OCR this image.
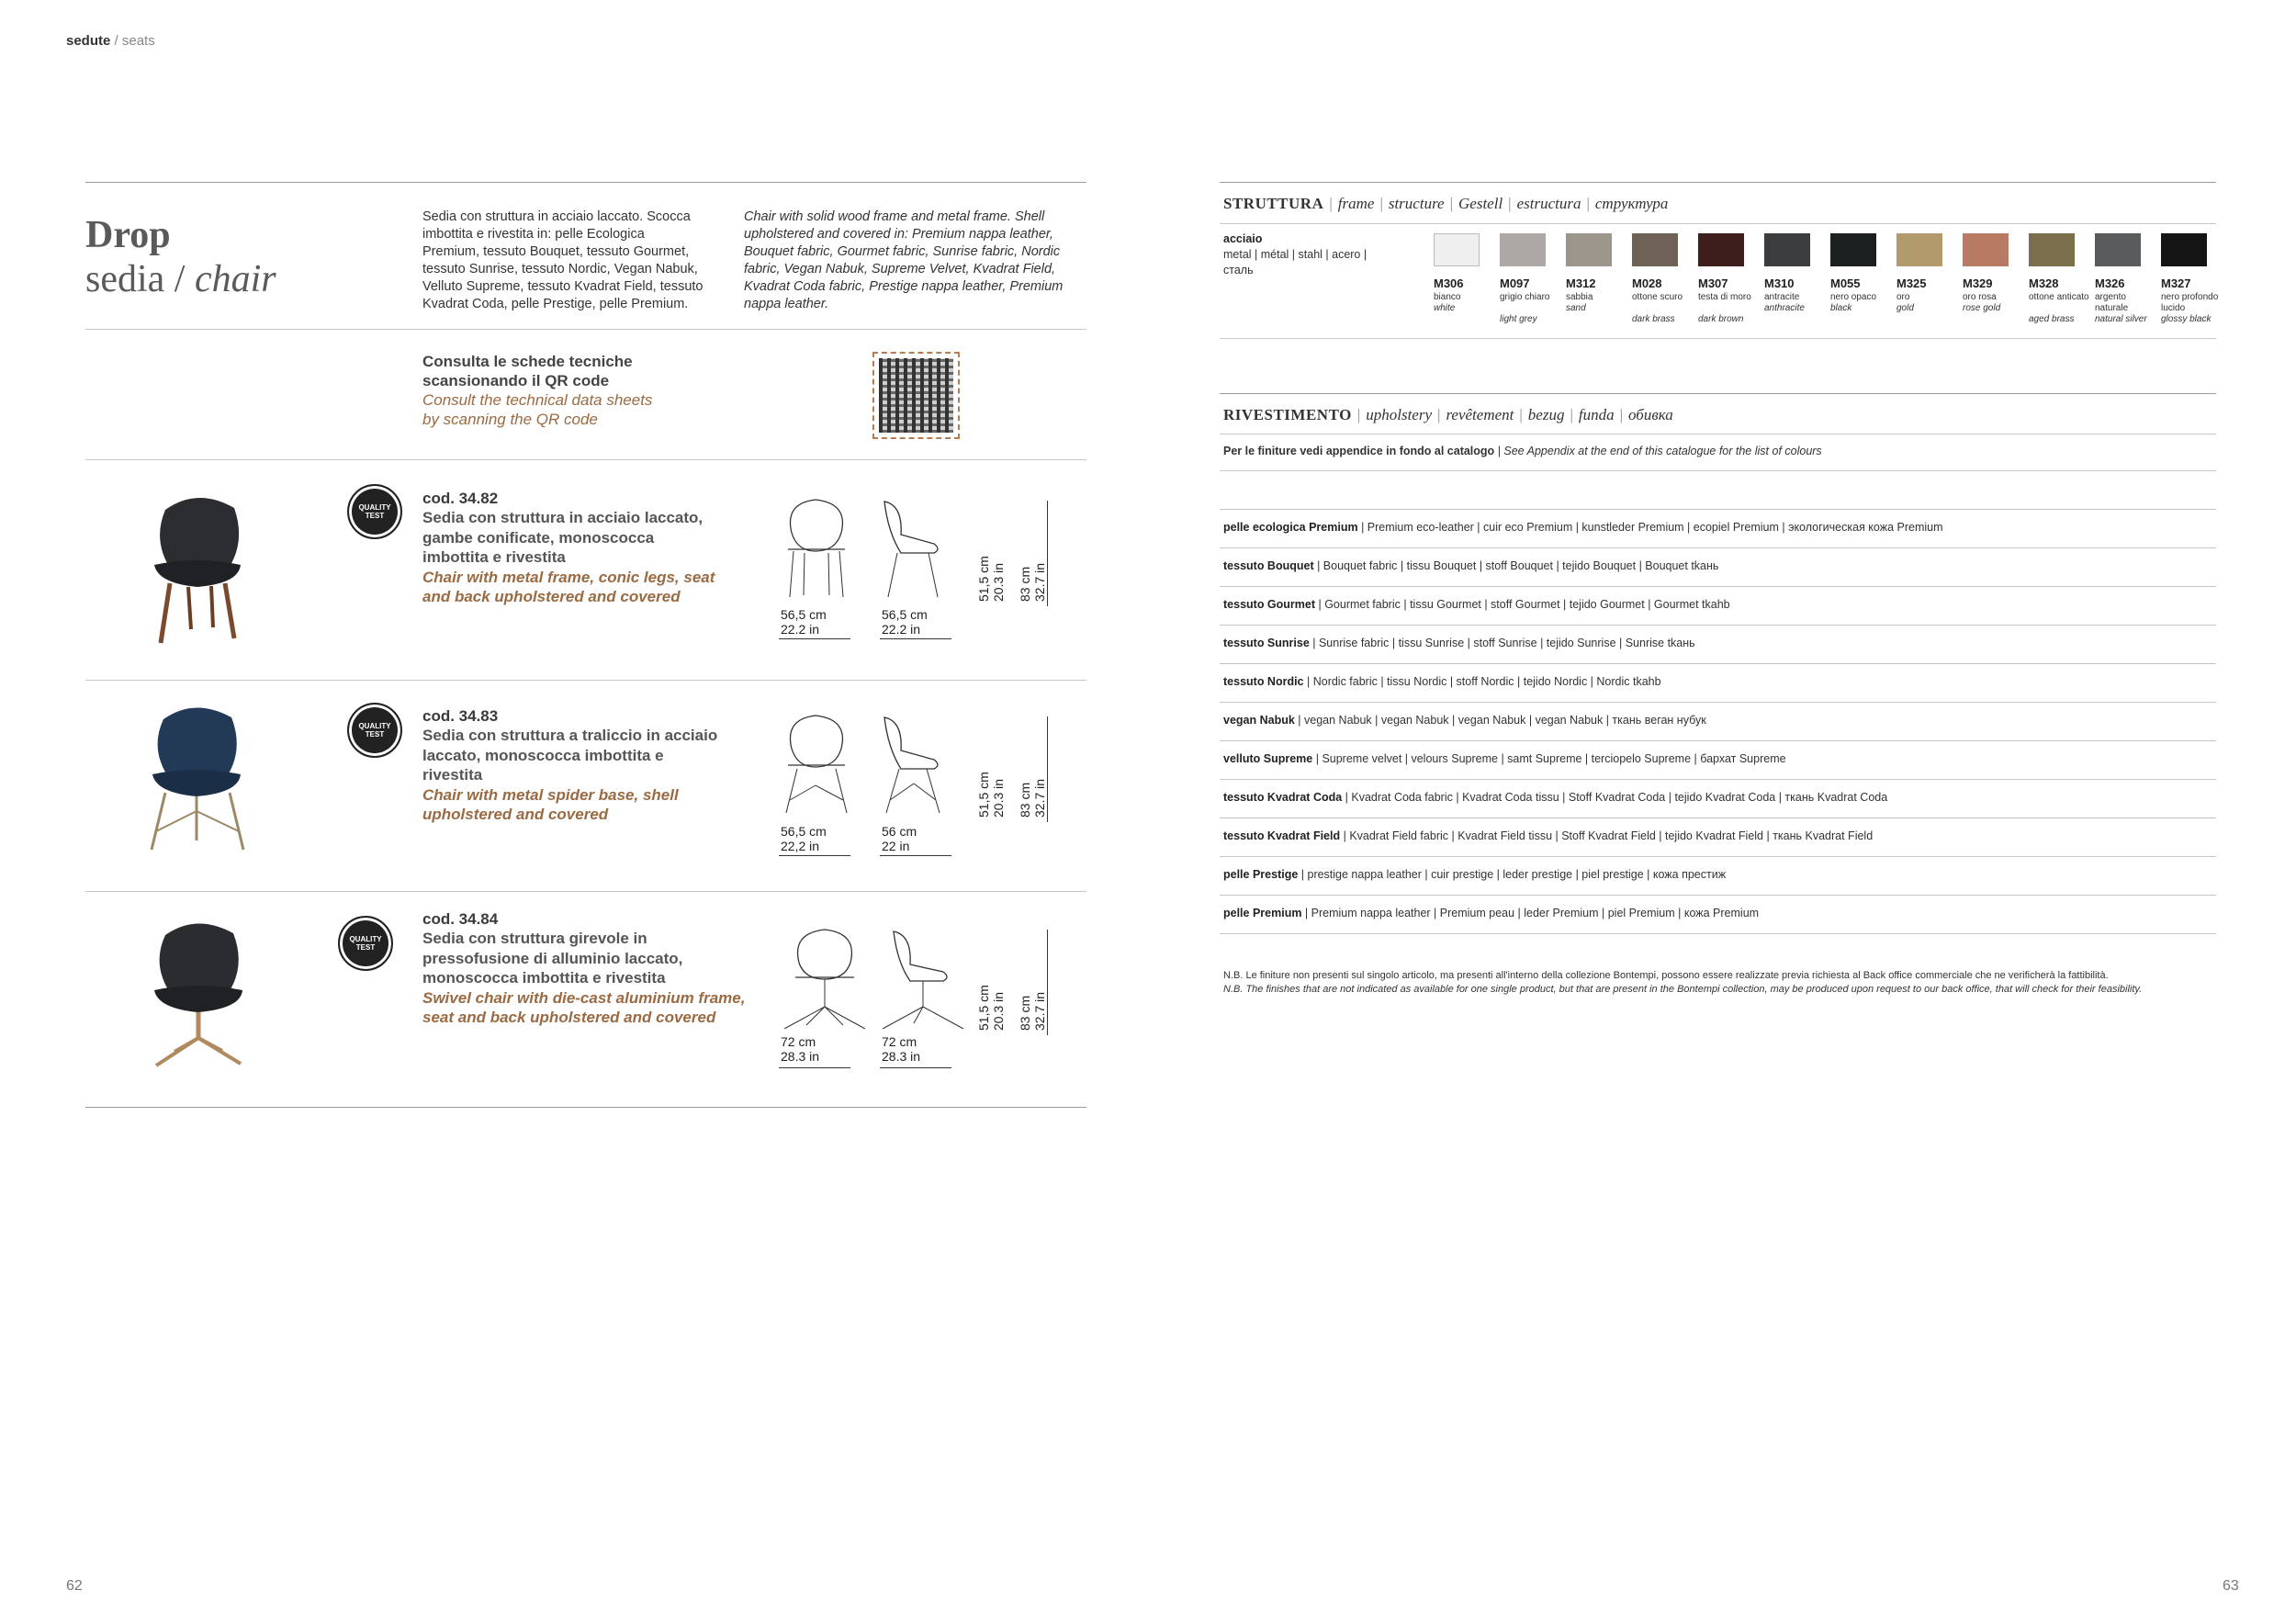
sedute / seats
62	63
Drop
sedia / chair
Sedia con struttura in acciaio laccato. Scocca
imbottita e rivestita in: pelle Ecologica
Premium, tessuto Bouquet, tessuto Gourmet,
tessuto Sunrise, tessuto Nordic, Vegan Nabuk,
Velluto Supreme, tessuto Kvadrat Field, tessuto
Kvadrat Coda, pelle Prestige, pelle Premium.
Chair with solid wood frame and metal frame. Shell
upholstered and covered in: Premium nappa leather,
Bouquet fabric, Gourmet fabric, Sunrise fabric, Nordic
fabric, Vegan Nabuk, Supreme Velvet, Kvadrat Field,
Kvadrat Coda fabric, Prestige nappa leather, Premium
nappa leather.
Consulta le schede tecniche
scansionando il QR code
Consult the technical data sheets
by scanning the QR code
QUALITY TEST
cod. 34.82
Sedia con struttura in acciaio laccato,
gambe conificate, monoscocca
imbottita e rivestita
Chair with metal frame, conic legs, seat
and back upholstered and covered
56,5 cm
22.2 in
56,5 cm
22.2 in
51,5 cm 20.3 in 83 cm 32.7 in
QUALITY TEST
cod. 34.83
Sedia con struttura a traliccio in acciaio
laccato, monoscocca imbottita e
rivestita
Chair with metal spider base, shell
upholstered and covered
56,5 cm
22,2 in
56 cm
22 in
51,5 cm 20.3 in 83 cm 32.7 in
QUALITY TEST
cod. 34.84
Sedia con struttura girevole in
pressofusione di alluminio laccato,
monoscocca imbottita e rivestita
Swivel chair with die-cast aluminium frame,
seat and back upholstered and covered
72 cm
28.3 in
72 cm
28.3 in
51,5 cm 20.3 in 83 cm 32.7 in
STRUTTURA | frame | structure | Gestell | estructura | структура
acciaio
metal | métal | stahl | acero |
сталь
M306
bianco
white
M097
grigio chiaro
light grey
M312
sabbia
sand
M028
ottone scuro
dark brass
M307
testa di moro
dark brown
M310
antracite
anthracite
M055
nero opaco
black
M325
oro
gold
M329
oro rosa
rose gold
M328
ottone anticato
aged brass
M326
argento naturale
natural silver
M327
nero profondo lucido
glossy black
RIVESTIMENTO | upholstery | revêtement | bezug | funda | обивка
Per le finiture vedi appendice in fondo al catalogo | See Appendix at the end of this catalogue for the list of colours
pelle ecologica Premium | Premium eco-leather | cuir eco Premium | kunstleder Premium | ecopiel Premium | экологическая кожа Premium
tessuto Bouquet | Bouquet fabric | tissu Bouquet | stoff Bouquet | tejido Bouquet | Bouquet tkaнь
tessuto Gourmet | Gourmet fabric | tissu Gourmet | stoff Gourmet | tejido Gourmet | Gourmet tkahb
tessuto Sunrise | Sunrise fabric | tissu Sunrise | stoff Sunrise | tejido Sunrise | Sunrise tkaнь
tessuto Nordic | Nordic fabric | tissu Nordic | stoff Nordic | tejido Nordic | Nordic tkahb
vegan Nabuk | vegan Nabuk | vegan Nabuk | vegan Nabuk | vegan Nabuk | ткань веган нубук
velluto Supreme | Supreme velvet | velours Supreme | samt Supreme | terciopelo Supreme | бархат Supreme
tessuto Kvadrat Coda | Kvadrat Coda fabric | Kvadrat Coda tissu | Stoff Kvadrat Coda | tejido Kvadrat Coda | ткань Kvadrat Coda
tessuto Kvadrat Field | Kvadrat Field fabric | Kvadrat Field tissu | Stoff Kvadrat Field | tejido Kvadrat Field | ткань Kvadrat Field
pelle Prestige | prestige nappa leather | cuir prestige | leder prestige | piel prestige | кожа престиж
pelle Premium | Premium nappa leather | Premium peau | leder Premium | piel Premium | кожа Premium
N.B. Le finiture non presenti sul singolo articolo, ma presenti all'interno della collezione Bontempi, possono essere realizzate previa richiesta al Back office commerciale che ne verificherà la fattibilità.
N.B. The finishes that are not indicated as available for one single product, but that are present in the Bontempi collection, may be produced upon request to our back office, that will check for their feasibility.
